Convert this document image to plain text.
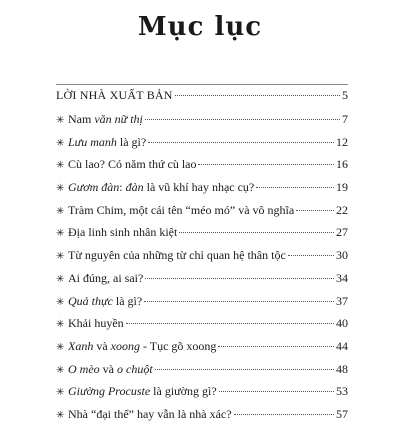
Mục lục
LỜI NHÀ XUẤT BẢN	5
✳ Nam văn nữ thị	7
✳ Lưu manh là gì?	12
✳ Cù lao? Có năm thứ cù lao	16
✳ Gươm đàn: đàn là vũ khí hay nhạc cụ?	19
✳ Tràm Chim, một cái tên “méo mó” và vô nghĩa	22
✳ Địa linh sinh nhân kiệt	27
✳ Từ nguyên của những từ chỉ quan hệ thân tộc	30
✳ Ai đúng, ai sai?	34
✳ Quả thực là gì?	37
✳ Khải huyền	40
✳ Xanh và xoong - Tục gõ xoong	44
✳ O mèo và o chuột	48
✳ Giường Procuste là giường gì?	53
✳ Nhà “đại thể” hay vẫn là nhà xác?	57
